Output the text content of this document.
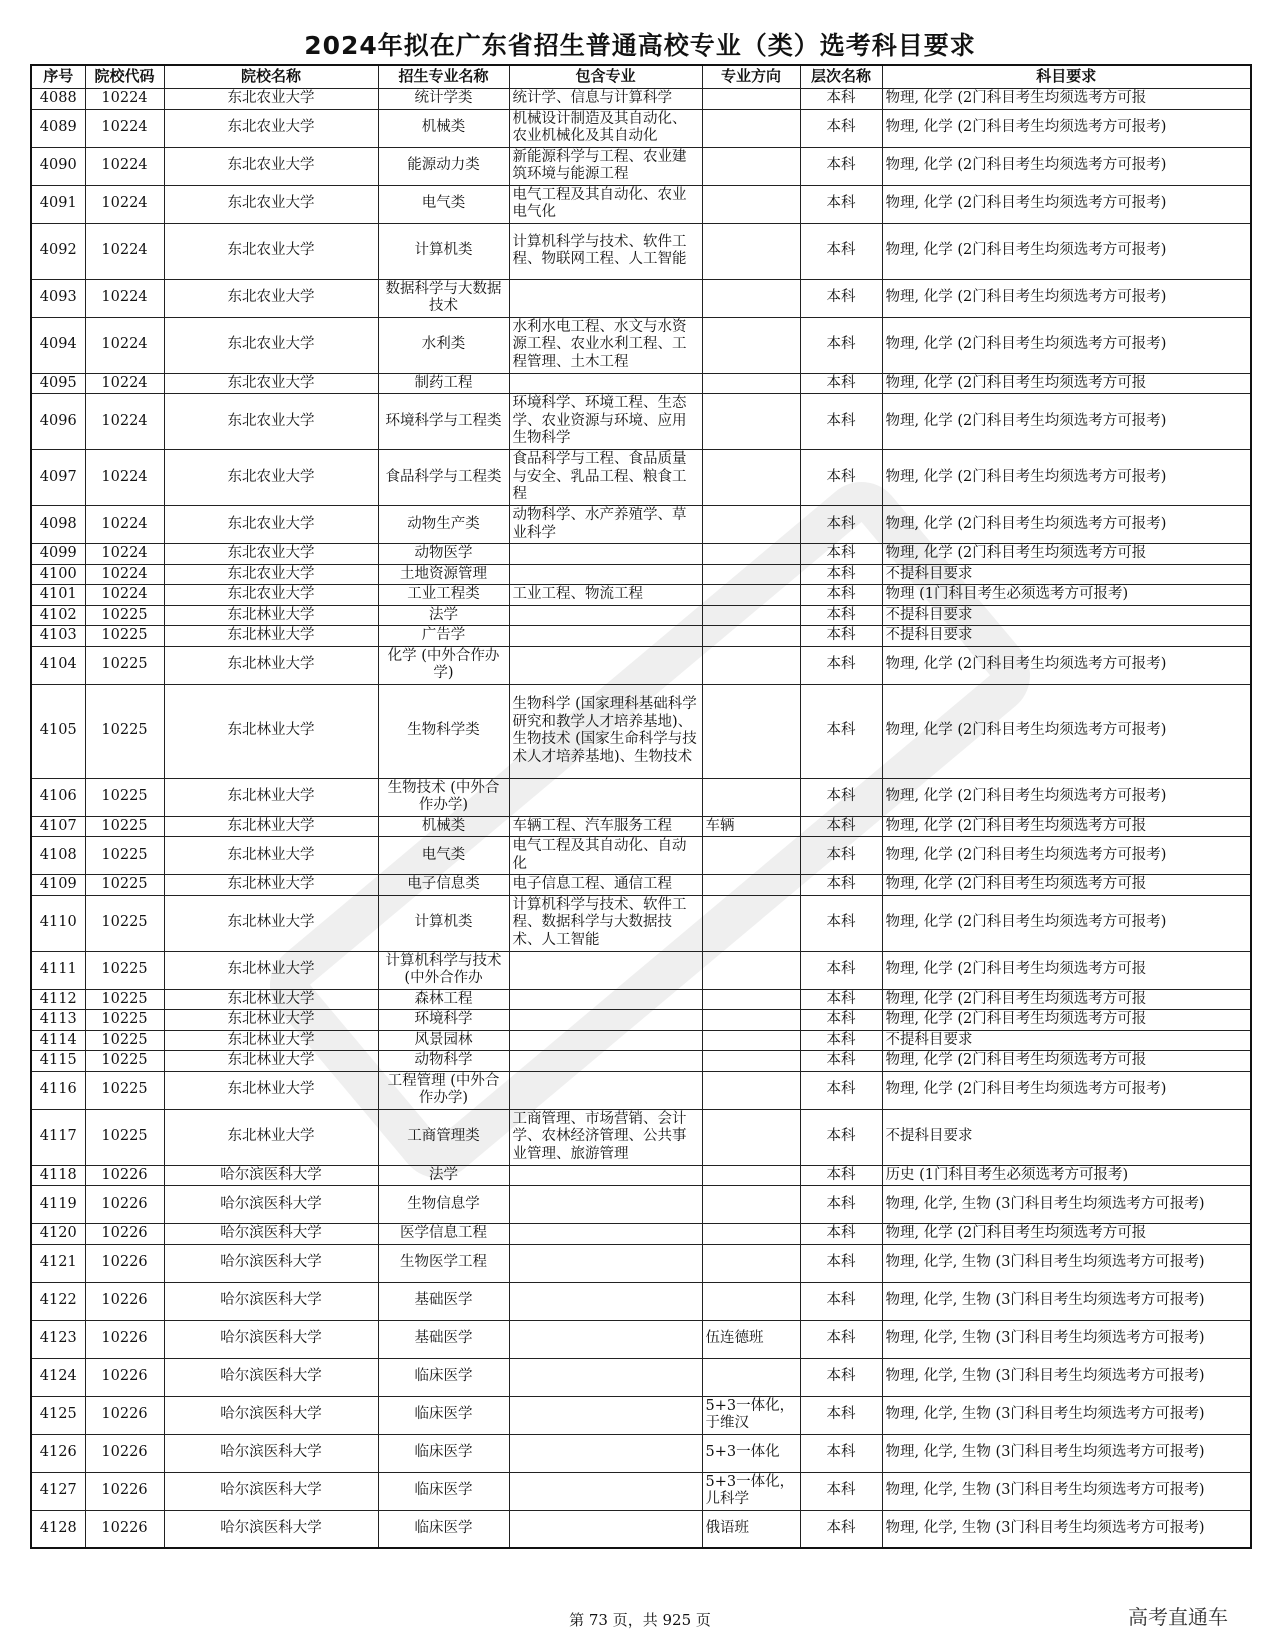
2024年拟在广东省招生普通高校专业（类）选考科目要求
序号	院校代码	院校名称	招生专业名称	包含专业	专业方向	层次名称	科目要求
4088	10224	东北农业大学	统计学类	统计学、信息与计算科学		本科	物理, 化学 (2门科目考生均须选考方可报
4089	10224	东北农业大学	机械类	机械设计制造及其自动化、农业机械化及其自动化		本科	物理, 化学 (2门科目考生均须选考方可报考)
4090	10224	东北农业大学	能源动力类	新能源科学与工程、农业建筑环境与能源工程		本科	物理, 化学 (2门科目考生均须选考方可报考)
4091	10224	东北农业大学	电气类	电气工程及其自动化、农业电气化		本科	物理, 化学 (2门科目考生均须选考方可报考)
4092	10224	东北农业大学	计算机类	计算机科学与技术、软件工程、物联网工程、人工智能		本科	物理, 化学 (2门科目考生均须选考方可报考)
4093	10224	东北农业大学	数据科学与大数据技术			本科	物理, 化学 (2门科目考生均须选考方可报考)
4094	10224	东北农业大学	水利类	水利水电工程、水文与水资源工程、农业水利工程、工程管理、土木工程		本科	物理, 化学 (2门科目考生均须选考方可报考)
4095	10224	东北农业大学	制药工程			本科	物理, 化学 (2门科目考生均须选考方可报
4096	10224	东北农业大学	环境科学与工程类	环境科学、环境工程、生态学、农业资源与环境、应用生物科学		本科	物理, 化学 (2门科目考生均须选考方可报考)
4097	10224	东北农业大学	食品科学与工程类	食品科学与工程、食品质量与安全、乳品工程、粮食工程		本科	物理, 化学 (2门科目考生均须选考方可报考)
4098	10224	东北农业大学	动物生产类	动物科学、水产养殖学、草业科学		本科	物理, 化学 (2门科目考生均须选考方可报考)
4099	10224	东北农业大学	动物医学			本科	物理, 化学 (2门科目考生均须选考方可报
4100	10224	东北农业大学	土地资源管理			本科	不提科目要求
4101	10224	东北农业大学	工业工程类	工业工程、物流工程		本科	物理 (1门科目考生必须选考方可报考)
4102	10225	东北林业大学	法学			本科	不提科目要求
4103	10225	东北林业大学	广告学			本科	不提科目要求
4104	10225	东北林业大学	化学 (中外合作办学)			本科	物理, 化学 (2门科目考生均须选考方可报考)
4105	10225	东北林业大学	生物科学类	生物科学 (国家理科基础科学研究和教学人才培养基地)、生物技术 (国家生命科学与技术人才培养基地)、生物技术		本科	物理, 化学 (2门科目考生均须选考方可报考)
4106	10225	东北林业大学	生物技术 (中外合作办学)			本科	物理, 化学 (2门科目考生均须选考方可报考)
4107	10225	东北林业大学	机械类	车辆工程、汽车服务工程	车辆	本科	物理, 化学 (2门科目考生均须选考方可报
4108	10225	东北林业大学	电气类	电气工程及其自动化、自动化		本科	物理, 化学 (2门科目考生均须选考方可报考)
4109	10225	东北林业大学	电子信息类	电子信息工程、通信工程		本科	物理, 化学 (2门科目考生均须选考方可报
4110	10225	东北林业大学	计算机类	计算机科学与技术、软件工程、数据科学与大数据技术、人工智能		本科	物理, 化学 (2门科目考生均须选考方可报考)
4111	10225	东北林业大学	计算机科学与技术 (中外合作办			本科	物理, 化学 (2门科目考生均须选考方可报
4112	10225	东北林业大学	森林工程			本科	物理, 化学 (2门科目考生均须选考方可报
4113	10225	东北林业大学	环境科学			本科	物理, 化学 (2门科目考生均须选考方可报
4114	10225	东北林业大学	风景园林			本科	不提科目要求
4115	10225	东北林业大学	动物科学			本科	物理, 化学 (2门科目考生均须选考方可报
4116	10225	东北林业大学	工程管理 (中外合作办学)			本科	物理, 化学 (2门科目考生均须选考方可报考)
4117	10225	东北林业大学	工商管理类	工商管理、市场营销、会计学、农林经济管理、公共事业管理、旅游管理		本科	不提科目要求
4118	10226	哈尔滨医科大学	法学			本科	历史 (1门科目考生必须选考方可报考)
4119	10226	哈尔滨医科大学	生物信息学			本科	物理, 化学, 生物 (3门科目考生均须选考方可报考)
4120	10226	哈尔滨医科大学	医学信息工程			本科	物理, 化学 (2门科目考生均须选考方可报
4121	10226	哈尔滨医科大学	生物医学工程			本科	物理, 化学, 生物 (3门科目考生均须选考方可报考)
4122	10226	哈尔滨医科大学	基础医学			本科	物理, 化学, 生物 (3门科目考生均须选考方可报考)
4123	10226	哈尔滨医科大学	基础医学		伍连德班	本科	物理, 化学, 生物 (3门科目考生均须选考方可报考)
4124	10226	哈尔滨医科大学	临床医学			本科	物理, 化学, 生物 (3门科目考生均须选考方可报考)
4125	10226	哈尔滨医科大学	临床医学		5+3一体化，于维汉	本科	物理, 化学, 生物 (3门科目考生均须选考方可报考)
4126	10226	哈尔滨医科大学	临床医学		5+3一体化	本科	物理, 化学, 生物 (3门科目考生均须选考方可报考)
4127	10226	哈尔滨医科大学	临床医学		5+3一体化，儿科学	本科	物理, 化学, 生物 (3门科目考生均须选考方可报考)
4128	10226	哈尔滨医科大学	临床医学		俄语班	本科	物理, 化学, 生物 (3门科目考生均须选考方可报考)
第 73 页，共 925 页	高考直通车
